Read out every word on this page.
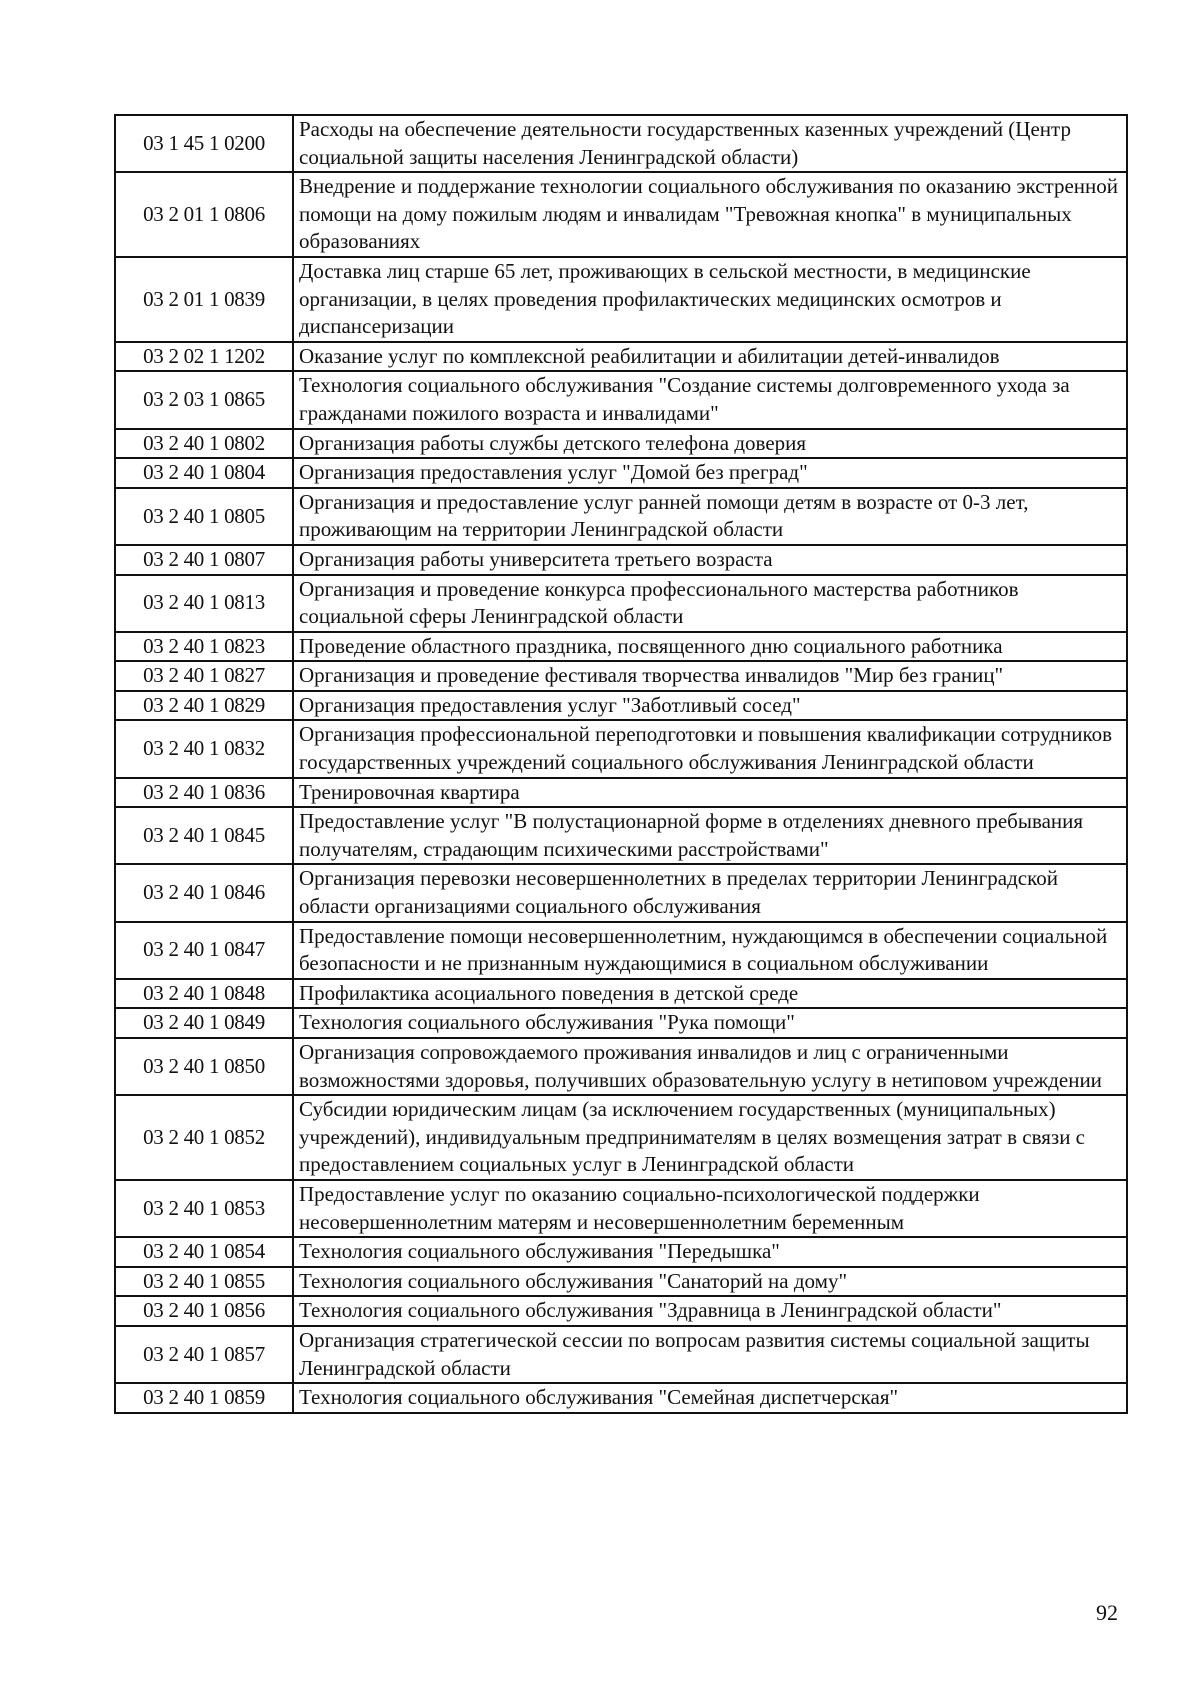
03 1 45 1 0200	Расходы на обеспечение деятельности государственных казенных учреждений (Центр социальной защиты населения Ленинградской области)
03 2 01 1 0806	Внедрение и поддержание технологии социального обслуживания по оказанию экстренной помощи на дому пожилым людям и инвалидам "Тревожная кнопка" в муниципальных образованиях
03 2 01 1 0839	Доставка лиц старше 65 лет, проживающих в сельской местности, в медицинские организации, в целях проведения профилактических медицинских осмотров и диспансеризации
03 2 02 1 1202	Оказание услуг по комплексной реабилитации и абилитации детей-инвалидов
03 2 03 1 0865	Технология социального обслуживания "Создание системы долговременного ухода за гражданами пожилого возраста и инвалидами"
03 2 40 1 0802	Организация работы службы детского телефона доверия
03 2 40 1 0804	Организация предоставления услуг "Домой без преград"
03 2 40 1 0805	Организация и предоставление услуг ранней помощи детям в возрасте от 0-3 лет, проживающим на территории Ленинградской области
03 2 40 1 0807	Организация работы университета третьего возраста
03 2 40 1 0813	Организация и проведение конкурса профессионального мастерства работников социальной сферы Ленинградской области
03 2 40 1 0823	Проведение областного праздника, посвященного дню социального работника
03 2 40 1 0827	Организация и проведение фестиваля творчества инвалидов "Мир без границ"
03 2 40 1 0829	Организация предоставления услуг "Заботливый сосед"
03 2 40 1 0832	Организация профессиональной переподготовки и повышения квалификации сотрудников государственных учреждений социального обслуживания Ленинградской области
03 2 40 1 0836	Тренировочная квартира
03 2 40 1 0845	Предоставление услуг "В полустационарной форме в отделениях дневного пребывания получателям, страдающим психическими расстройствами"
03 2 40 1 0846	Организация перевозки несовершеннолетних в пределах территории Ленинградской области организациями социального обслуживания
03 2 40 1 0847	Предоставление помощи несовершеннолетним, нуждающимся в обеспечении социальной безопасности и не признанным нуждающимися в социальном обслуживании
03 2 40 1 0848	Профилактика асоциального поведения в детской среде
03 2 40 1 0849	Технология социального обслуживания "Рука помощи"
03 2 40 1 0850	Организация сопровождаемого проживания инвалидов и лиц с ограниченными возможностями здоровья, получивших образовательную услугу в нетиповом учреждении
03 2 40 1 0852	Субсидии юридическим лицам (за исключением государственных (муниципальных) учреждений), индивидуальным предпринимателям в целях возмещения затрат в связи с предоставлением социальных услуг в Ленинградской области
03 2 40 1 0853	Предоставление услуг по оказанию социально-психологической поддержки несовершеннолетним матерям и несовершеннолетним беременным
03 2 40 1 0854	Технология социального обслуживания "Передышка"
03 2 40 1 0855	Технология социального обслуживания "Санаторий на дому"
03 2 40 1 0856	Технология социального обслуживания "Здравница в Ленинградской области"
03 2 40 1 0857	Организация стратегической сессии по вопросам развития системы социальной защиты Ленинградской области
03 2 40 1 0859	Технология социального обслуживания "Семейная диспетчерская"
92
